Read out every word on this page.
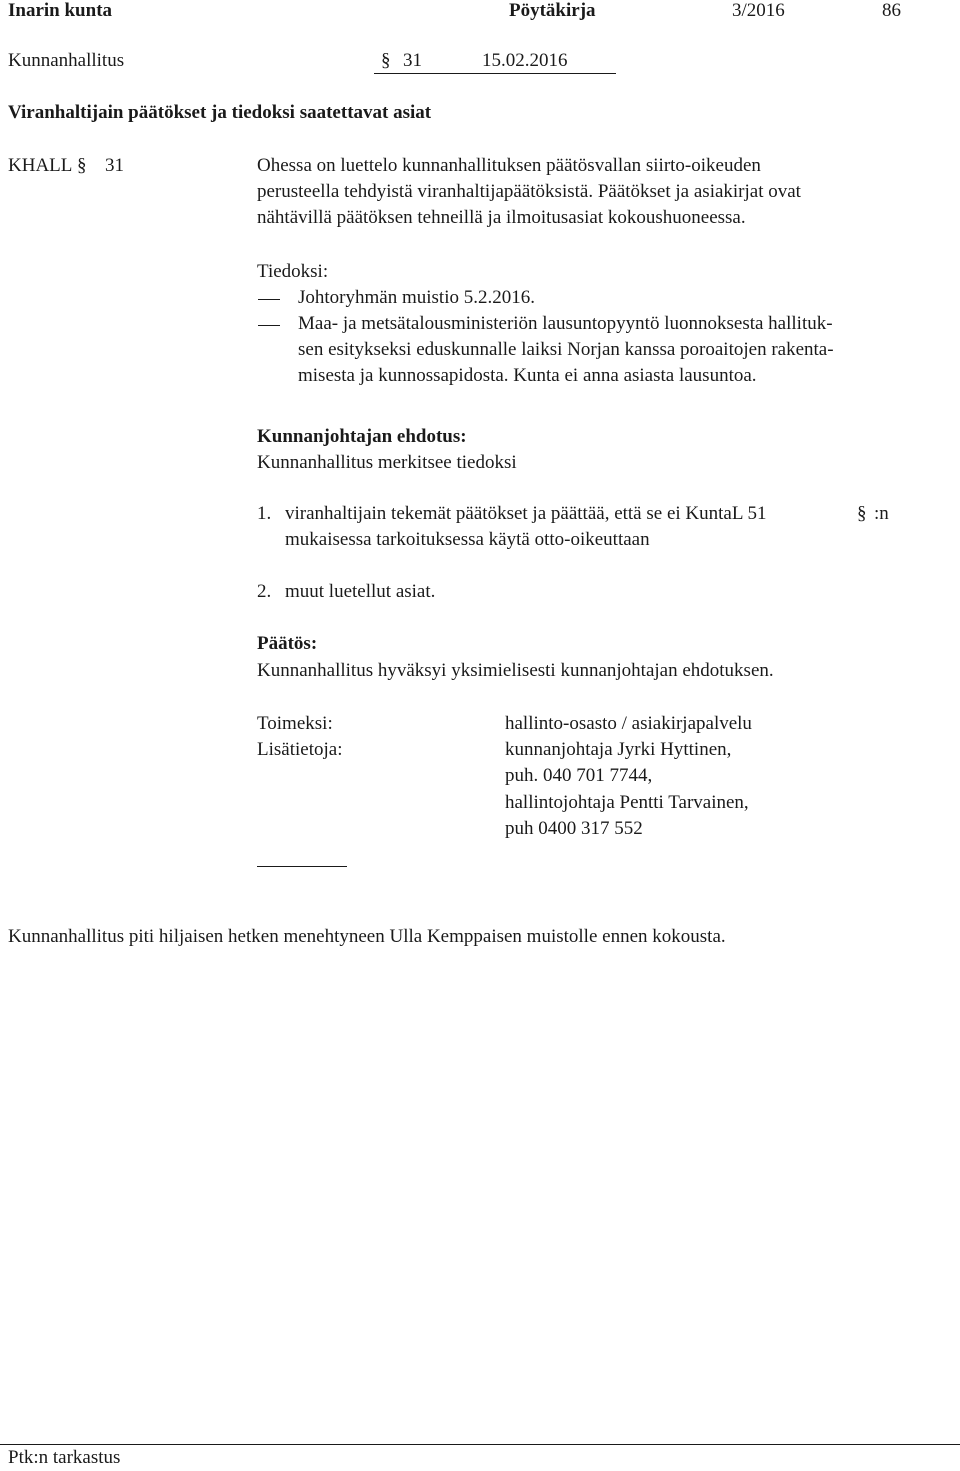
Inarin kunta	Pöytäkirja	3/2016	86
Kunnanhallitus	§ 31	15.02.2016
Viranhaltijain päätökset ja tiedoksi saatettavat asiat
KHALL § 31	Ohessa on luettelo kunnanhallituksen päätösvallan siirto-oikeuden
perusteella tehdyistä viranhaltijapäätöksistä. Päätökset ja asiakirjat ovat
nähtävillä päätöksen tehneillä ja ilmoitusasiat kokoushuoneessa.
Tiedoksi:
Johtoryhmän muistio 5.2.2016.
Maa- ja metsätalousministeriön lausuntopyyntö luonnoksesta hallituk-
sen esitykseksi eduskunnalle laiksi Norjan kanssa poroaitojen rakenta-
misesta ja kunnossapidosta. Kunta ei anna asiasta lausuntoa.
Kunnanjohtajan ehdotus:
Kunnanhallitus merkitsee tiedoksi
1. viranhaltijain tekemät päätökset ja päättää, että se ei KuntaL 51	§ :n
mukaisessa tarkoituksessa käytä otto-oikeuttaan
2. muut luetellut asiat.
Päätös:
Kunnanhallitus hyväksyi yksimielisesti kunnanjohtajan ehdotuksen.
Toimeksi:	hallinto-osasto / asiakirjapalvelu
Lisätietoja:	kunnanjohtaja Jyrki Hyttinen,
puh. 040 701 7744,
hallintojohtaja Pentti Tarvainen,
puh 0400 317 552
Kunnanhallitus piti hiljaisen hetken menehtyneen Ulla Kemppaisen muistolle ennen kokousta.
Ptk:n tarkastus
